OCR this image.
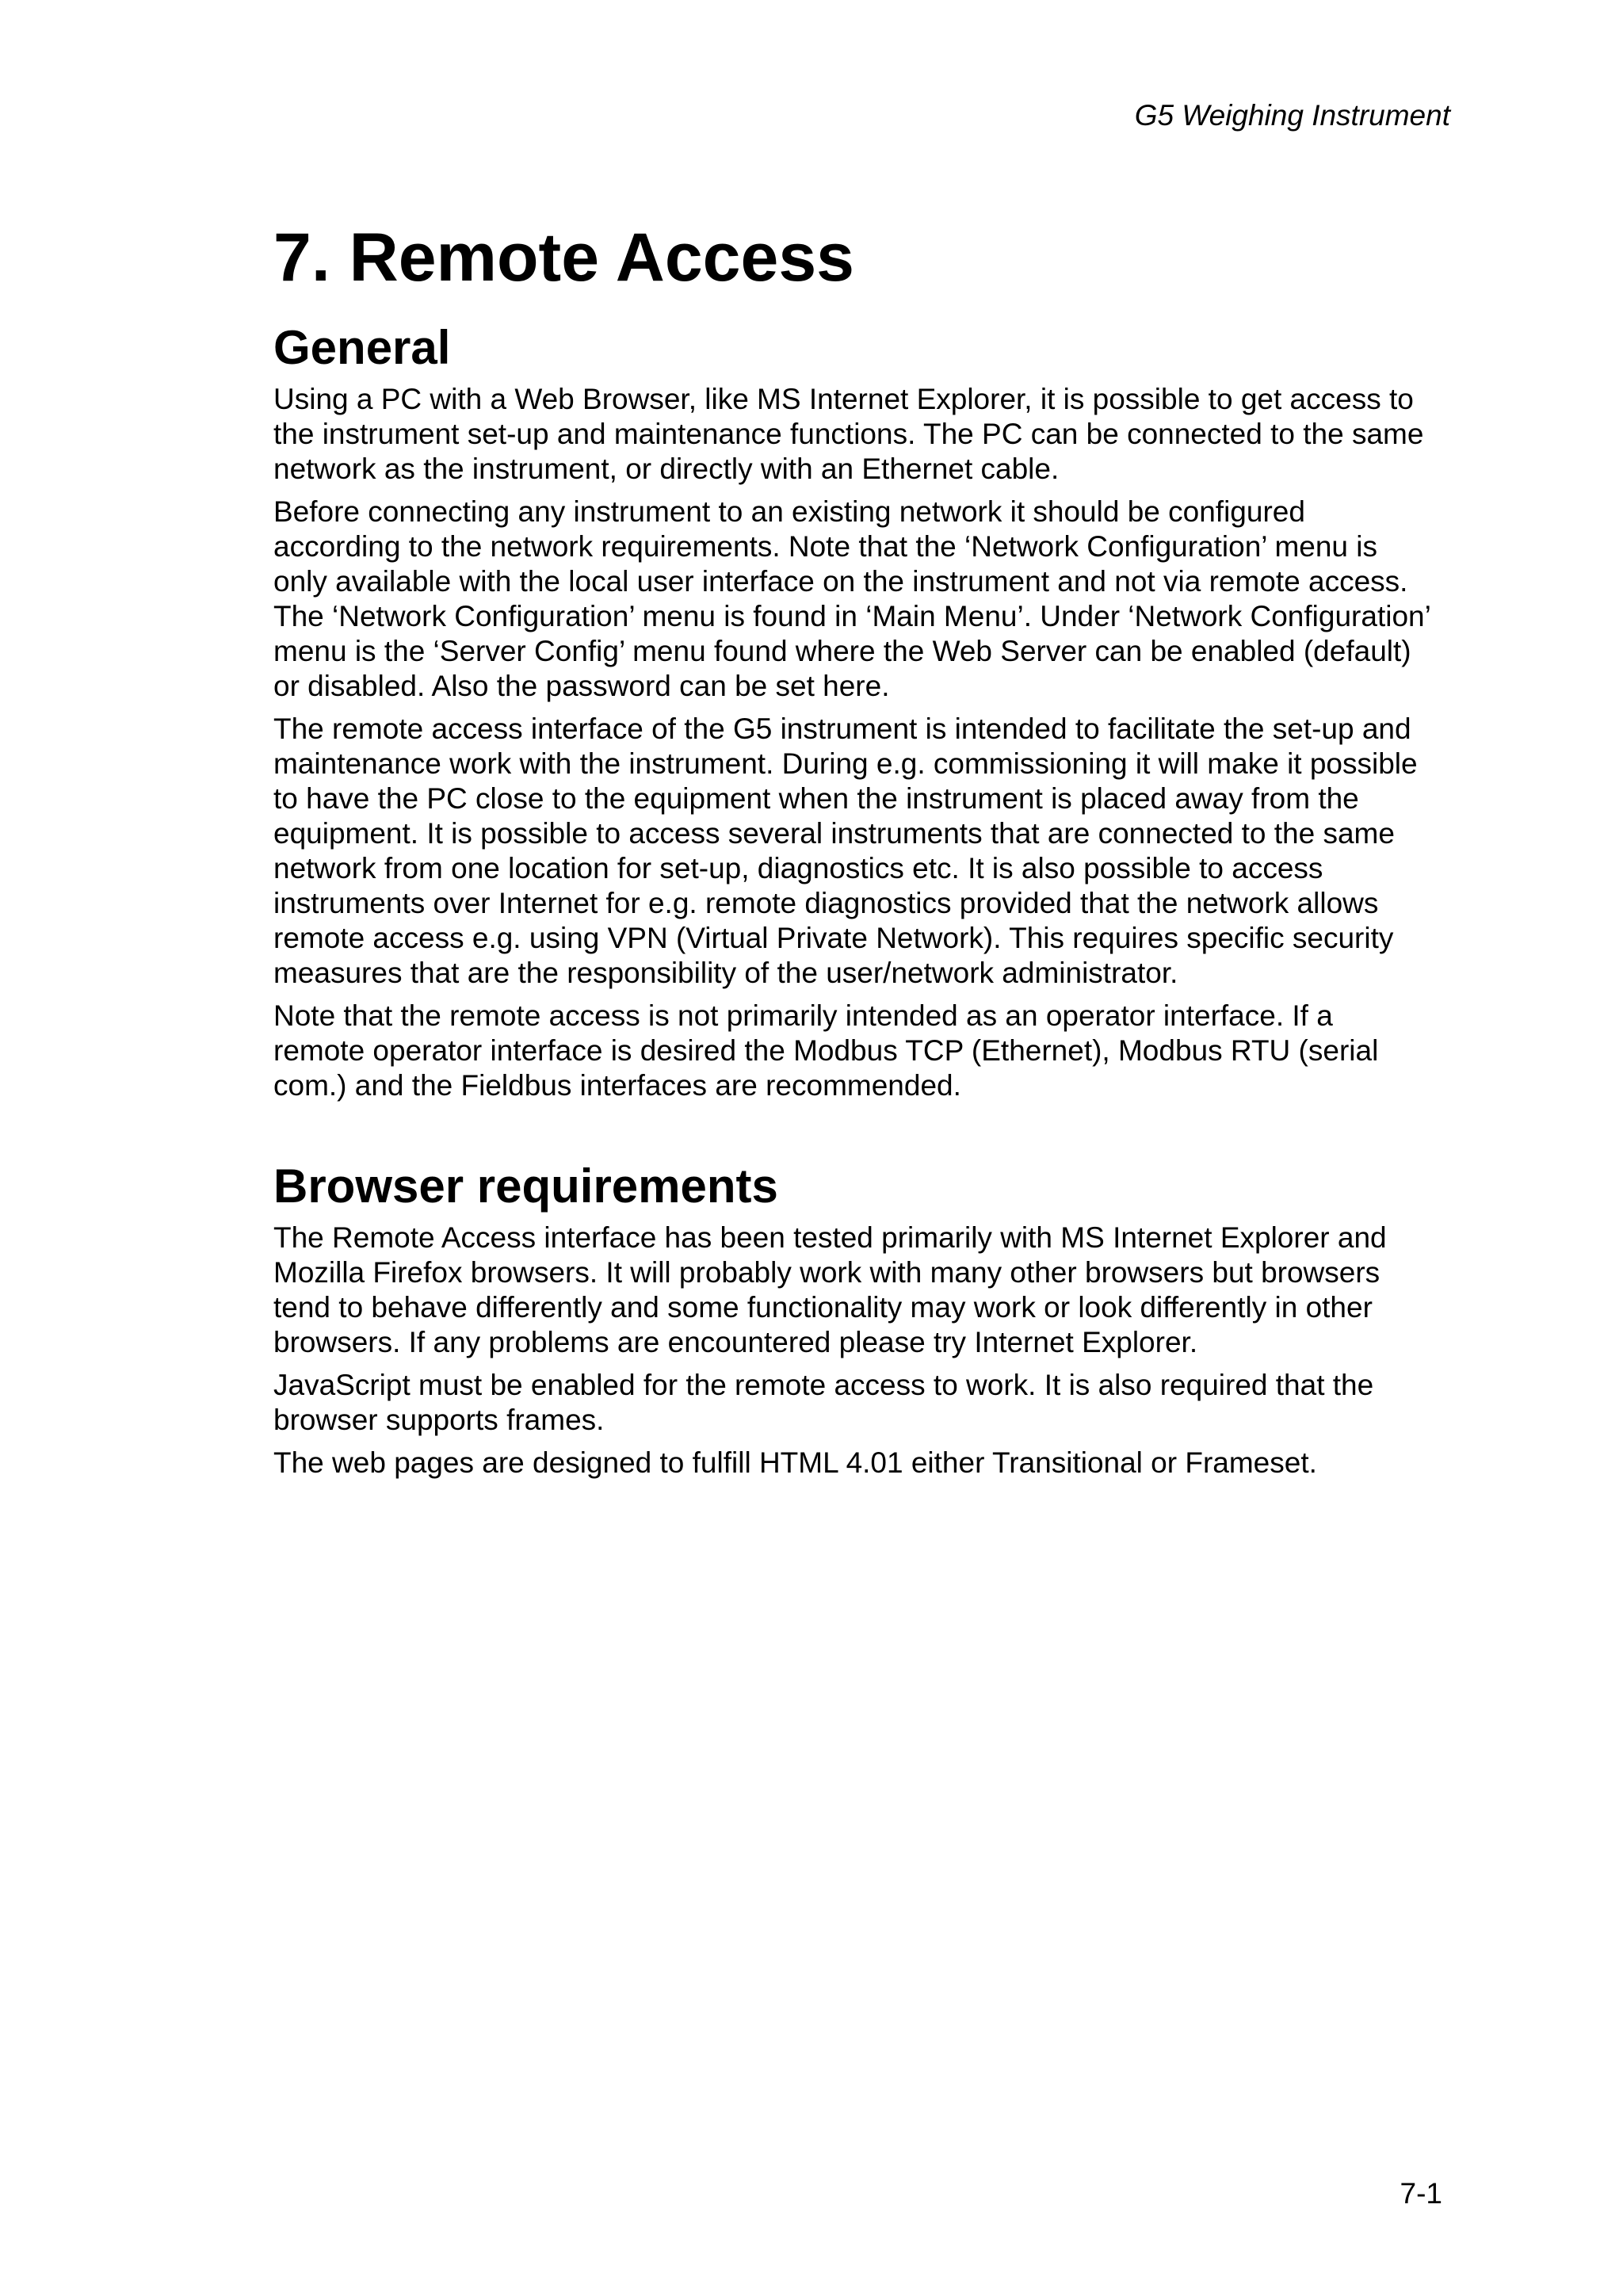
G5 Weighing Instrument

7. Remote Access
General

Using a PC with a Web Browser, like MS Internet Explorer, it is possible to get access to the instrument set-up and maintenance functions. The PC can be connected to the same network as the instrument, or directly with an Ethernet cable.

Before connecting any instrument to an existing network it should be configured according to the network requirements. Note that the ‘Network Configuration’ menu is only available with the local user interface on the instrument and not via remote access. The ‘Network Configuration’ menu is found in ‘Main Menu’. Under ‘Network Configuration’ menu is the ‘Server Config’ menu found where the Web Server can be enabled (default) or disabled. Also the password can be set here.

The remote access interface of the G5 instrument is intended to facilitate the set-up and maintenance work with the instrument. During e.g. commissioning it will make it possible to have the PC close to the equipment when the instrument is placed away from the equipment. It is possible to access several instruments that are connected to the same network from one location for set-up, diagnostics etc. It is also possible to access instruments over Internet for e.g. remote diagnostics provided that the network allows remote access e.g. using VPN (Virtual Private Network). This requires specific security measures that are the responsibility of the user/network administrator.

Note that the remote access is not primarily intended as an operator interface. If a remote operator interface is desired the Modbus TCP (Ethernet), Modbus RTU (serial com.) and the Fieldbus interfaces are recommended.

Browser requirements

The Remote Access interface has been tested primarily with MS Internet Explorer and Mozilla Firefox browsers. It will probably work with many other browsers but browsers tend to behave differently and some functionality may work or look differently in other browsers. If any problems are encountered please try Internet Explorer.

JavaScript must be enabled for the remote access to work. It is also required that the browser supports frames.

The web pages are designed to fulfill HTML 4.01 either Transitional or Frameset.

7-1
